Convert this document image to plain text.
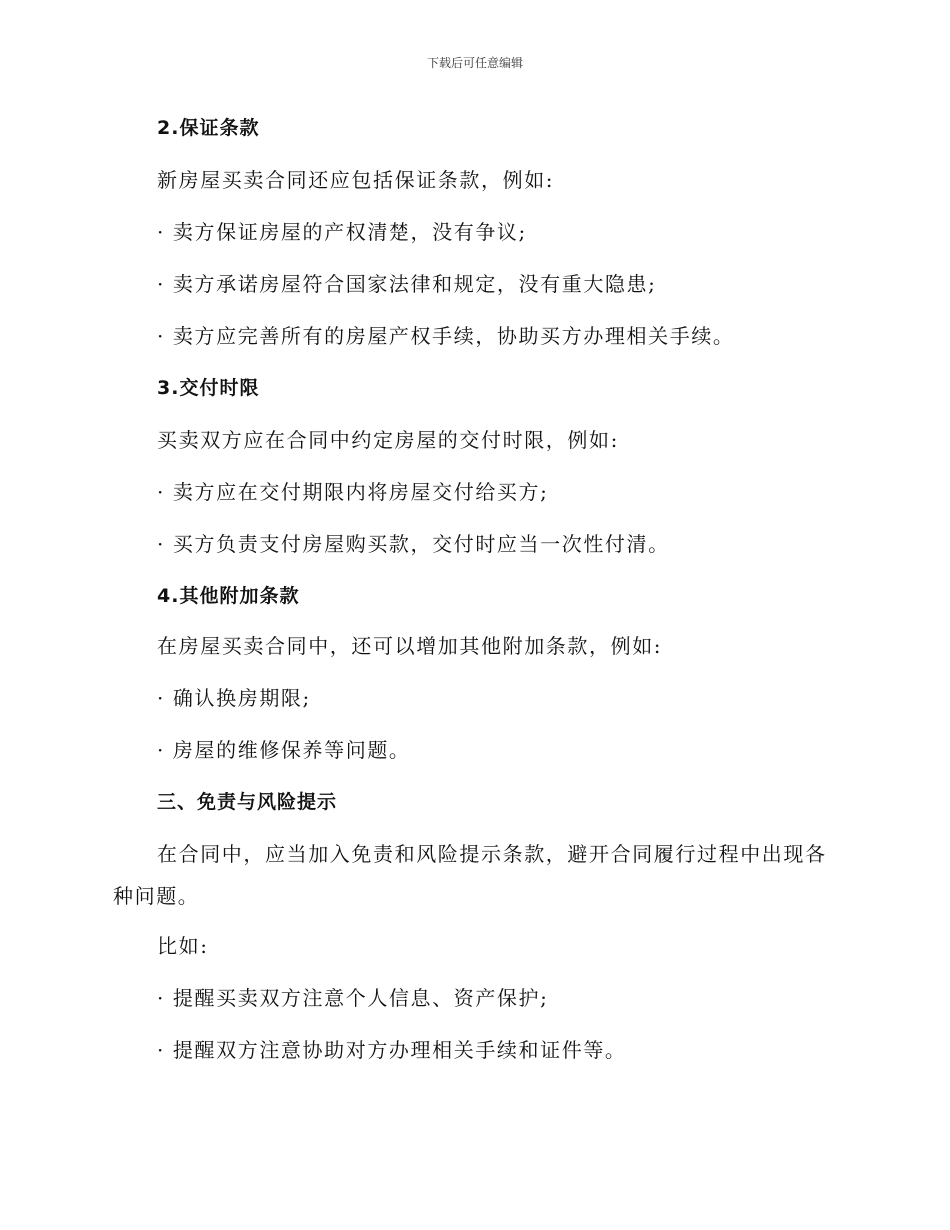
下载后可任意编辑
2.保证条款
新房屋买卖合同还应包括保证条款，例如:
· 卖方保证房屋的产权清楚，没有争议;
· 卖方承诺房屋符合国家法律和规定，没有重大隐患;
· 卖方应完善所有的房屋产权手续，协助买方办理相关手续。
3.交付时限
买卖双方应在合同中约定房屋的交付时限，例如:
· 卖方应在交付期限内将房屋交付给买方;
· 买方负责支付房屋购买款，交付时应当一次性付清。
4.其他附加条款
在房屋买卖合同中，还可以增加其他附加条款，例如:
· 确认换房期限;
· 房屋的维修保养等问题。
三、免责与风险提示
在合同中，应当加入免责和风险提示条款，避开合同履行过程中出现各
种问题。
比如:
· 提醒买卖双方注意个人信息、资产保护;
· 提醒双方注意协助对方办理相关手续和证件等。
